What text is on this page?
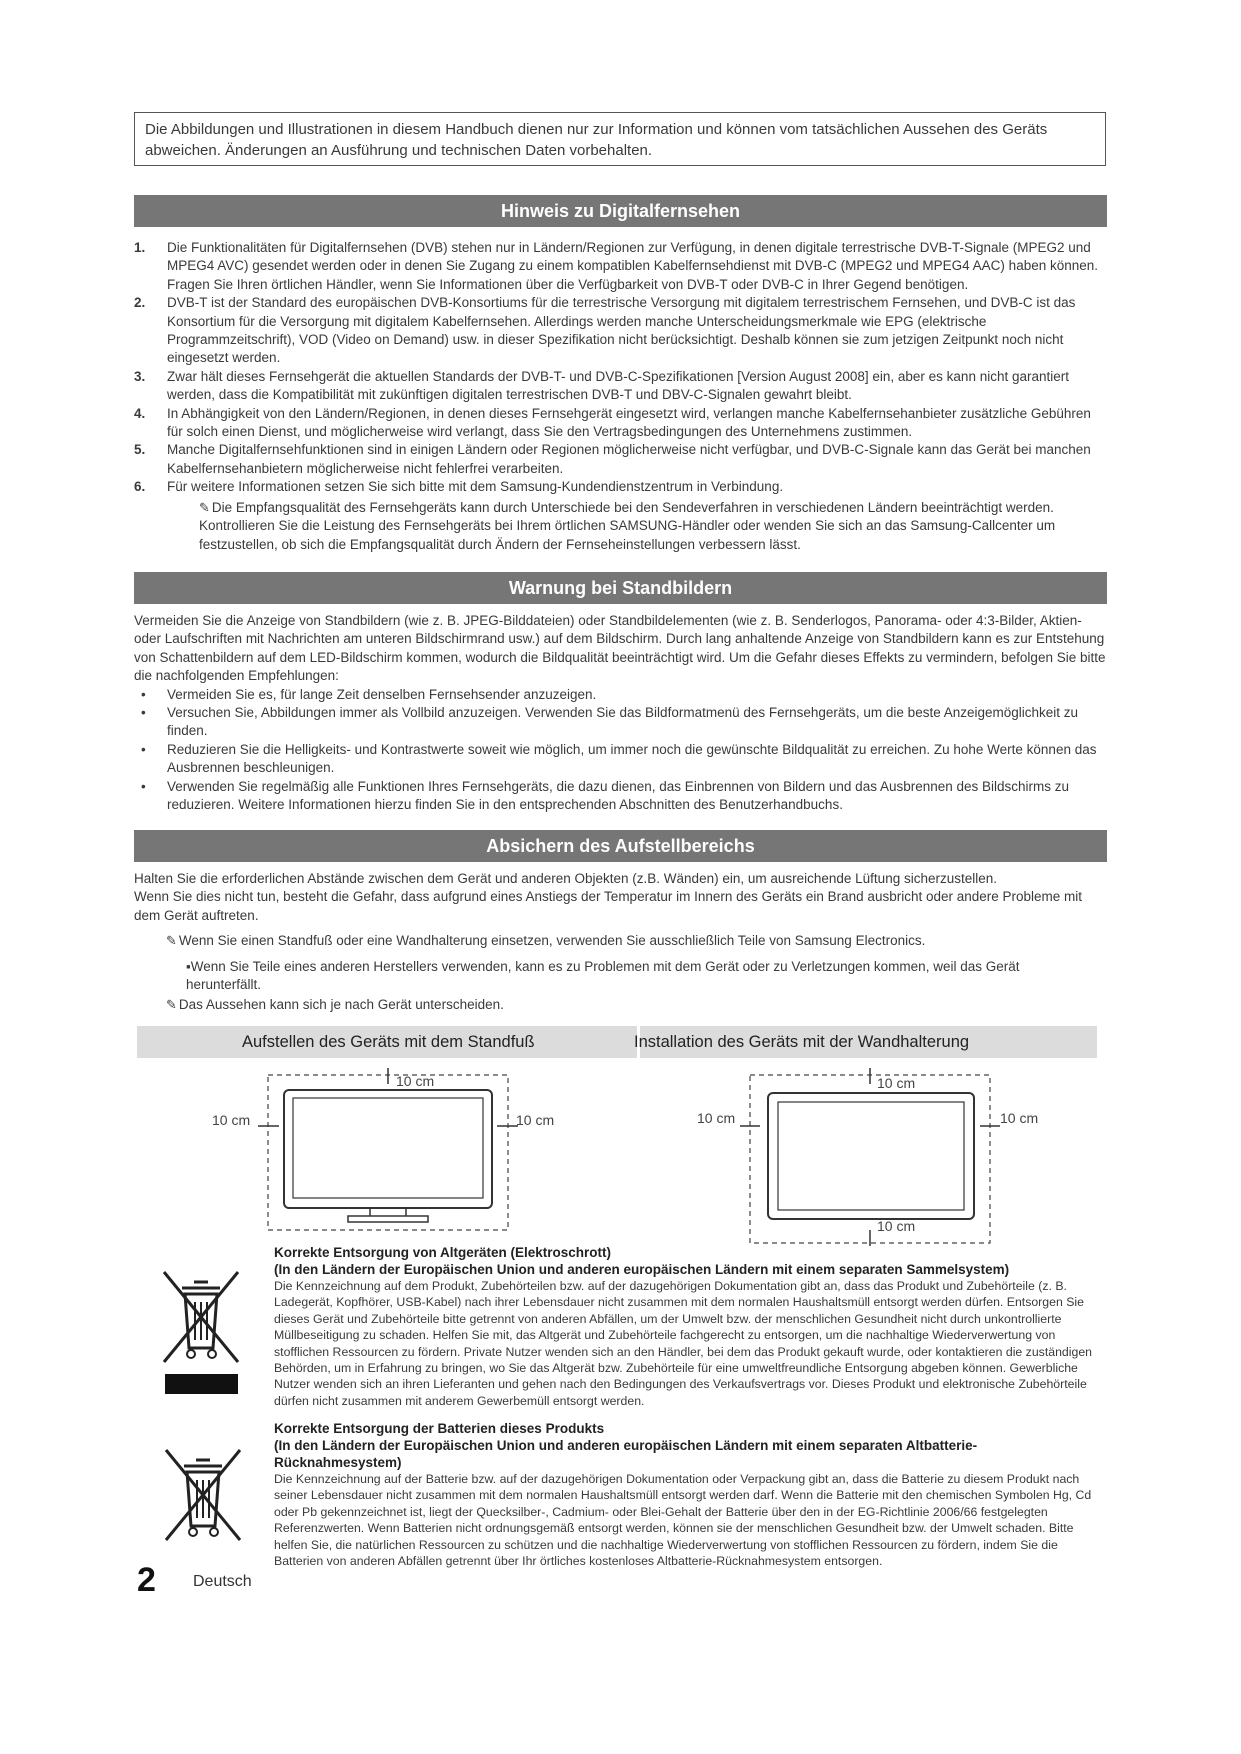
Die Abbildungen und Illustrationen in diesem Handbuch dienen nur zur Information und können vom tatsächlichen Aussehen des Geräts abweichen. Änderungen an Ausführung und technischen Daten vorbehalten.
Hinweis zu Digitalfernsehen
1. Die Funktionalitäten für Digitalfernsehen (DVB) stehen nur in Ländern/Regionen zur Verfügung, in denen digitale terrestrische DVB-T-Signale (MPEG2 und MPEG4 AVC) gesendet werden oder in denen Sie Zugang zu einem kompatiblen Kabelfernsehdienst mit DVB-C (MPEG2 und MPEG4 AAC) haben können. Fragen Sie Ihren örtlichen Händler, wenn Sie Informationen über die Verfügbarkeit von DVB-T oder DVB-C in Ihrer Gegend benötigen.
2. DVB-T ist der Standard des europäischen DVB-Konsortiums für die terrestrische Versorgung mit digitalem terrestrischem Fernsehen, und DVB-C ist das Konsortium für die Versorgung mit digitalem Kabelfernsehen. Allerdings werden manche Unterscheidungsmerkmale wie EPG (elektrische Programmzeitschrift), VOD (Video on Demand) usw. in dieser Spezifikation nicht berücksichtigt. Deshalb können sie zum jetzigen Zeitpunkt noch nicht eingesetzt werden.
3. Zwar hält dieses Fernsehgerät die aktuellen Standards der DVB-T- und DVB-C-Spezifikationen [Version August 2008] ein, aber es kann nicht garantiert werden, dass die Kompatibilität mit zukünftigen digitalen terrestrischen DVB-T und DBV-C-Signalen gewahrt bleibt.
4. In Abhängigkeit von den Ländern/Regionen, in denen dieses Fernsehgerät eingesetzt wird, verlangen manche Kabelfernsehanbieter zusätzliche Gebühren für solch einen Dienst, und möglicherweise wird verlangt, dass Sie den Vertragsbedingungen des Unternehmens zustimmen.
5. Manche Digitalfernsehfunktionen sind in einigen Ländern oder Regionen möglicherweise nicht verfügbar, und DVB-C-Signale kann das Gerät bei manchen Kabelfernsehanbietern möglicherweise nicht fehlerfrei verarbeiten.
6. Für weitere Informationen setzen Sie sich bitte mit dem Samsung-Kundendienstzentrum in Verbindung.
✎ Die Empfangsqualität des Fernsehgeräts kann durch Unterschiede bei den Sendeverfahren in verschiedenen Ländern beeinträchtigt werden. Kontrollieren Sie die Leistung des Fernsehgeräts bei Ihrem örtlichen SAMSUNG-Händler oder wenden Sie sich an das Samsung-Callcenter um festzustellen, ob sich die Empfangsqualität durch Ändern der Fernseheinstellungen verbessern lässt.
Warnung bei Standbildern

Vermeiden Sie die Anzeige von Standbildern (wie z. B. JPEG-Bilddateien) oder Standbildelementen (wie z. B. Senderlogos, Panorama- oder 4:3-Bilder, Aktien- oder Laufschriften mit Nachrichten am unteren Bildschirmrand usw.) auf dem Bildschirm. Durch lang anhaltende Anzeige von Standbildern kann es zur Entstehung von Schattenbildern auf dem LED-Bildschirm kommen, wodurch die Bildqualität beeinträchtigt wird. Um die Gefahr dieses Effekts zu vermindern, befolgen Sie bitte die nachfolgenden Empfehlungen:

• Vermeiden Sie es, für lange Zeit denselben Fernsehsender anzuzeigen.
• Versuchen Sie, Abbildungen immer als Vollbild anzuzeigen. Verwenden Sie das Bildformatmenü des Fernsehgeräts, um die beste Anzeigemöglichkeit zu finden.
• Reduzieren Sie die Helligkeits- und Kontrastwerte soweit wie möglich, um immer noch die gewünschte Bildqualität zu erreichen. Zu hohe Werte können das Ausbrennen beschleunigen.
• Verwenden Sie regelmäßig alle Funktionen Ihres Fernsehgeräts, die dazu dienen, das Einbrennen von Bildern und das Ausbrennen des Bildschirms zu reduzieren. Weitere Informationen hierzu finden Sie in den entsprechenden Abschnitten des Benutzerhandbuchs.
Absichern des Aufstellbereichs

Halten Sie die erforderlichen Abstände zwischen dem Gerät und anderen Objekten (z.B. Wänden) ein, um ausreichende Lüftung sicherzustellen.

Wenn Sie dies nicht tun, besteht die Gefahr, dass aufgrund eines Anstiegs der Temperatur im Innern des Geräts ein Brand ausbricht oder andere Probleme mit dem Gerät auftreten.

✎ Wenn Sie einen Standfuß oder eine Wandhalterung einsetzen, verwenden Sie ausschließlich Teile von Samsung Electronics.
▪Wenn Sie Teile eines anderen Herstellers verwenden, kann es zu Problemen mit dem Gerät oder zu Verletzungen kommen, weil das Gerät herunterfällt.
✎ Das Aussehen kann sich je nach Gerät unterscheiden.
Aufstellen des Geräts mit dem Standfuß	Installation des Geräts mit der Wandhalterung
10 cm
10 cm	10 cm
10 cm
10 cm	10 cm
10 cm
Korrekte Entsorgung von Altgeräten (Elektroschrott)
(In den Ländern der Europäischen Union und anderen europäischen Ländern mit einem separaten Sammelsystem)
Die Kennzeichnung auf dem Produkt, Zubehörteilen bzw. auf der dazugehörigen Dokumentation gibt an, dass das Produkt und Zubehörteile (z. B. Ladegerät, Kopfhörer, USB-Kabel) nach ihrer Lebensdauer nicht zusammen mit dem normalen Haushaltsmüll entsorgt werden dürfen. Entsorgen Sie dieses Gerät und Zubehörteile bitte getrennt von anderen Abfällen, um der Umwelt bzw. der menschlichen Gesundheit nicht durch unkontrollierte Müllbeseitigung zu schaden. Helfen Sie mit, das Altgerät und Zubehörteile fachgerecht zu entsorgen, um die nachhaltige Wiederverwertung von stofflichen Ressourcen zu fördern. Private Nutzer wenden sich an den Händler, bei dem das Produkt gekauft wurde, oder kontaktieren die zuständigen Behörden, um in Erfahrung zu bringen, wo Sie das Altgerät bzw. Zubehörteile für eine umweltfreundliche Entsorgung abgeben können. Gewerbliche Nutzer wenden sich an ihren Lieferanten und gehen nach den Bedingungen des Verkaufsvertrags vor. Dieses Produkt und elektronische Zubehörteile dürfen nicht zusammen mit anderem Gewerbemüll entsorgt werden.
Korrekte Entsorgung der Batterien dieses Produkts
(In den Ländern der Europäischen Union und anderen europäischen Ländern mit einem separaten Altbatterie-Rücknahmesystem)
Die Kennzeichnung auf der Batterie bzw. auf der dazugehörigen Dokumentation oder Verpackung gibt an, dass die Batterie zu diesem Produkt nach seiner Lebensdauer nicht zusammen mit dem normalen Haushaltsmüll entsorgt werden darf. Wenn die Batterie mit den chemischen Symbolen Hg, Cd oder Pb gekennzeichnet ist, liegt der Quecksilber-, Cadmium- oder Blei-Gehalt der Batterie über den in der EG-Richtlinie 2006/66 festgelegten Referenzwerten. Wenn Batterien nicht ordnungsgemäß entsorgt werden, können sie der menschlichen Gesundheit bzw. der Umwelt schaden. Bitte helfen Sie, die natürlichen Ressourcen zu schützen und die nachhaltige Wiederverwertung von stofflichen Ressourcen zu fördern, indem Sie die Batterien von anderen Abfällen getrennt über Ihr örtliches kostenloses Altbatterie-Rücknahmesystem entsorgen.
2 Deutsch
